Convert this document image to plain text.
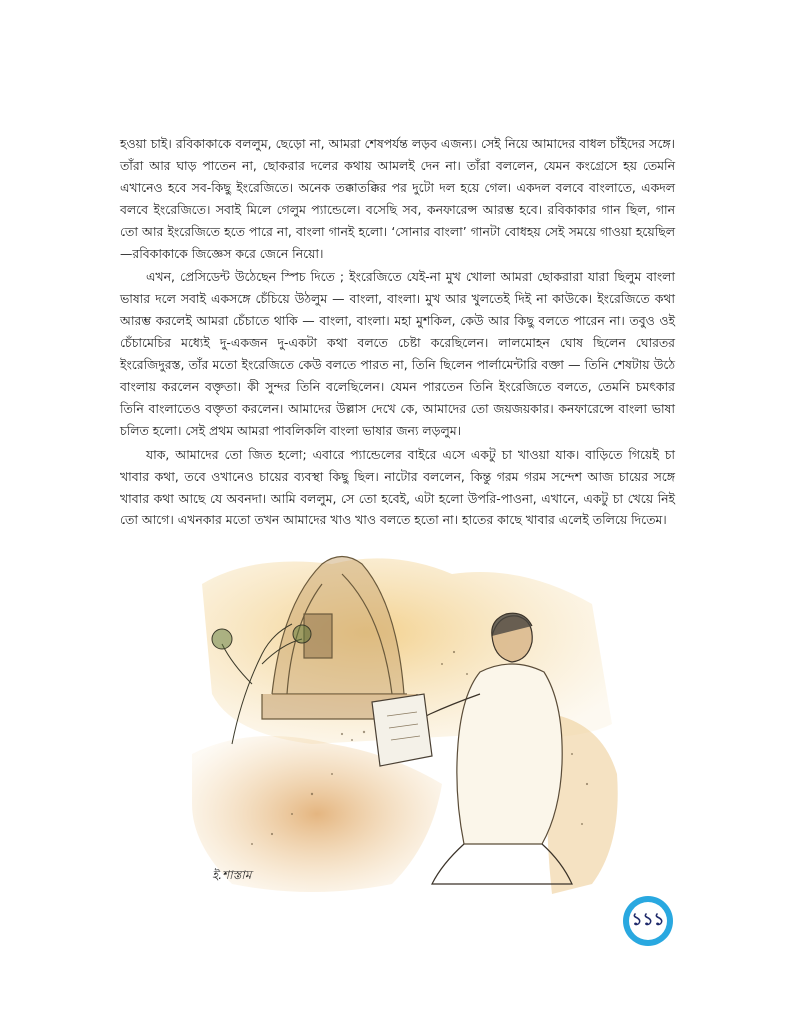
হওয়া চাই। রবিকাকাকে বললুম, ছেড়ো না, আমরা শেষপর্যন্ত লড়ব এজন্য। সেই নিয়ে আমাদের বাধল চাঁইদের সঙ্গে। তাঁরা আর ঘাড় পাতেন না, ছোকরার দলের কথায় আমলই দেন না। তাঁরা বললেন, যেমন কংগ্রেসে হয় তেমনি এখানেও হবে সব-কিছু ইংরেজিতে। অনেক তক্কাতক্কির পর দুটো দল হয়ে গেল। একদল বলবে বাংলাতে, একদল বলবে ইংরেজিতে। সবাই মিলে গেলুম প্যান্ডেলে। বসেছি সব, কনফারেন্স আরম্ভ হবে। রবিকাকার গান ছিল, গান তো আর ইংরেজিতে হতে পারে না, বাংলা গানই হলো। ‘সোনার বাংলা’ গানটা বোধহয় সেই সময়ে গাওয়া হয়েছিল—রবিকাকাকে জিজ্ঞেস করে জেনে নিয়ো।

এখন, প্রেসিডেন্ট উঠেছেন স্পিচ দিতে ; ইংরেজিতে যেই-না মুখ খোলা আমরা ছোকরারা যারা ছিলুম বাংলা ভাষার দলে সবাই একসঙ্গে চেঁচিয়ে উঠলুম — বাংলা, বাংলা। মুখ আর খুলতেই দিই না কাউকে। ইংরেজিতে কথা আরম্ভ করলেই আমরা চেঁচাতে থাকি — বাংলা, বাংলা। মহা মুশকিল, কেউ আর কিছু বলতে পারেন না। তবুও ওই চেঁচামেচির মধ্যেই দু-একজন দু-একটা কথা বলতে চেষ্টা করেছিলেন। লালমোহন ঘোষ ছিলেন ঘোরতর ইংরেজিদুরস্ত, তাঁর মতো ইংরেজিতে কেউ বলতে পারত না, তিনি ছিলেন পার্লামেন্টারি বক্তা — তিনি শেষটায় উঠে বাংলায় করলেন বক্তৃতা। কী সুন্দর তিনি বলেছিলেন। যেমন পারতেন তিনি ইংরেজিতে বলতে, তেমনি চমৎকার তিনি বাংলাতেও বক্তৃতা করলেন। আমাদের উল্লাস দেখে কে, আমাদের তো জয়জয়কার। কনফারেন্সে বাংলা ভাষা চলিত হলো। সেই প্রথম আমরা পাবলিকলি বাংলা ভাষার জন্য লড়লুম।

যাক, আমাদের তো জিত হলো; এবারে প্যান্ডেলের বাইরে এসে একটু চা খাওয়া যাক। বাড়িতে গিয়েই চা খাবার কথা, তবে ওখানেও চায়ের ব্যবস্থা কিছু ছিল। নাটোর বললেন, কিন্তু গরম গরম সন্দেশ আজ চায়ের সঙ্গে খাবার কথা আছে যে অবনদা। আমি বললুম, সে তো হবেই, এটা হলো উপরি-পাওনা, এখানে, একটু চা খেয়ে নিই তো আগে। এখনকার মতো তখন আমাদের খাও খাও বলতে হতো না। হাতের কাছে খাবার এলেই তলিয়ে দিতেম।

ই.শাস্তাম
১১১
